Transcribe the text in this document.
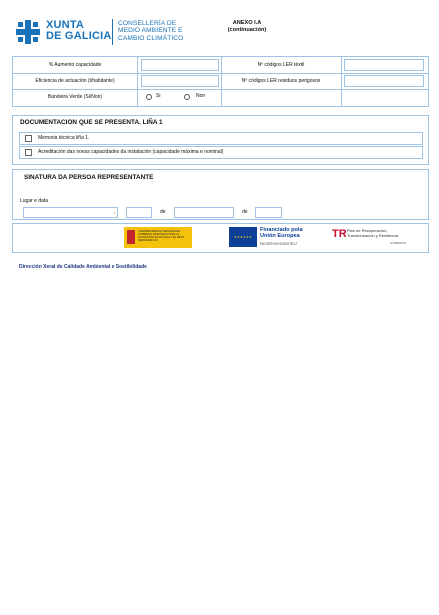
XUNTA
DE GALICIA
CONSELLERÍA DE
MEDIO AMBIENTE E
CAMBIO CLIMÁTICO
ANEXO I.A
(continuación)
% Aumento capacidade	Nº códigos LER tèxtil
Eficiencia de actuación (t/habitante)	Nº códigos LER residuos perigosos
Bandeira Verde (Si/Non)	Si	Non
DOCUMENTACION QUE SE PRESENTA. LIÑA 1
Memoria técnica liña 1.
Acreditación das novas capacidades da instalación (capacidade máxima e nominal)
SINATURA DA PERSOA REPRESENTANTE
Lugar e data
,	de	de
VICEPRESIDENCIA TERCERA DEL GOBIERNO MINISTERIO PARA LA TRANSICIÓN ECOLÓGICA Y EL RETO DEMOGRÁFICO
★★★★★★
Financiado pola
Unión Europea
NextGenerationEU
TR Plan de Recuperación,
Transformación y Resiliencia
GOBIERNO
Dirección Xeral de Calidade Ambiental e Sostibilidade
